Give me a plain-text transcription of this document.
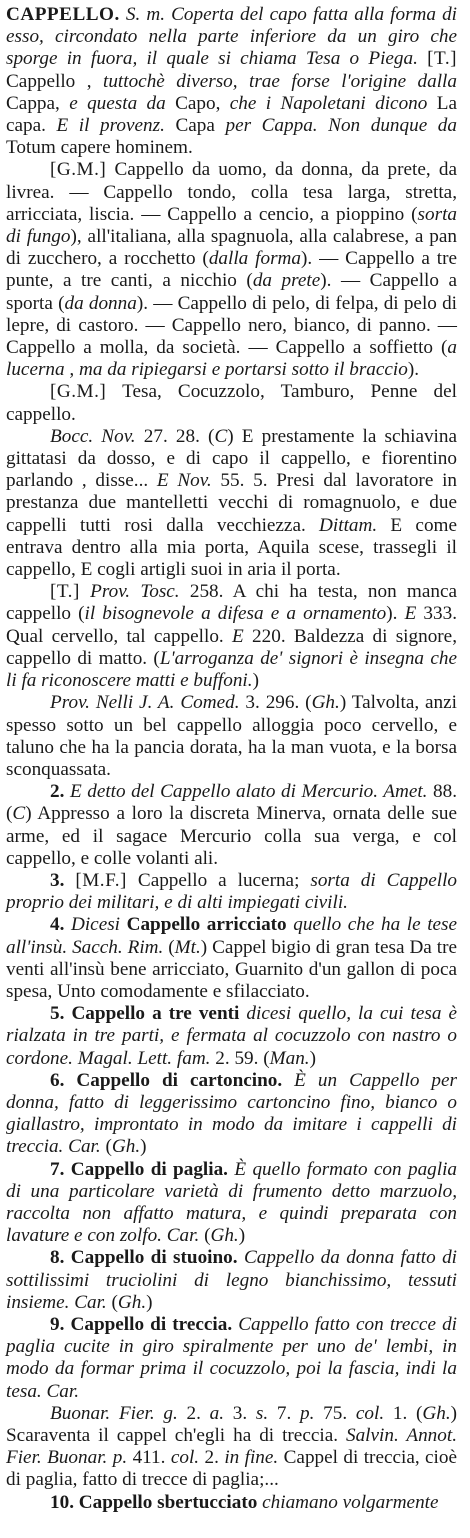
CAPPELLO. S. m. Coperta del capo fatta alla forma di esso, circondato nella parte inferiore da un giro che sporge in fuora, il quale si chiama Tesa o Piega. [T.] Cappello , tuttochè diverso, trae forse l'origine dalla Cappa, e questa da Capo, che i Napoletani dicono La capa. E il provenz. Capa per Cappa. Non dunque da Totum capere hominem.

[G.M.] Cappello da uomo, da donna, da prete, da livrea. — Cappello tondo, colla tesa larga, stretta, arricciata, liscia. — Cappello a cencio, a pioppino (sorta di fungo), all'italiana, alla spagnuola, alla calabrese, a pan di zucchero, a rocchetto (dalla forma). — Cappello a tre punte, a tre canti, a nicchio (da prete). — Cappello a sporta (da donna). — Cappello di pelo, di felpa, di pelo di lepre, di castoro. — Cappello nero, bianco, di panno. — Cappello a molla, da società. — Cappello a soffietto (a lucerna , ma da ripiegarsi e portarsi sotto il braccio).

[G.M.] Tesa, Cocuzzolo, Tamburo, Penne del cappello.

Bocc. Nov. 27. 28. (C) E prestamente la schiavina gittatasi da dosso, e di capo il cappello, e fiorentino parlando , disse... E Nov. 55. 5. Presi dal lavoratore in prestanza due mantelletti vecchi di romagnuolo, e due cappelli tutti rosi dalla vecchiezza. Dittam. E come entrava dentro alla mia porta, Aquila scese, trassegli il cappello, E cogli artigli suoi in aria il porta.

[T.] Prov. Tosc. 258. A chi ha testa, non manca cappello (il bisognevole a difesa e a ornamento). E 333. Qual cervello, tal cappello. E 220. Baldezza di signore, cappello di matto. (L'arroganza de' signori è insegna che li fa riconoscere matti e buffoni.)

Prov. Nelli J. A. Comed. 3. 296. (Gh.) Talvolta, anzi spesso sotto un bel cappello alloggia poco cervello, e taluno che ha la pancia dorata, ha la man vuota, e la borsa sconquassata.

2. E detto del Cappello alato di Mercurio. Amet. 88. (C) Appresso a loro la discreta Minerva, ornata delle sue arme, ed il sagace Mercurio colla sua verga, e col cappello, e colle volanti ali.

3. [M.F.] Cappello a lucerna; sorta di Cappello proprio dei militari, e di alti impiegati civili.

4. Dicesi Cappello arricciato quello che ha le tese all'insù. Sacch. Rim. (Mt.) Cappel bigio di gran tesa Da tre venti all'insù bene arricciato, Guarnito d'un gallon di poca spesa, Unto comodamente e sfilacciato.

5. Cappello a tre venti dicesi quello, la cui tesa è rialzata in tre parti, e fermata al cocuzzolo con nastro o cordone. Magal. Lett. fam. 2. 59. (Man.)

6. Cappello di cartoncino. È un Cappello per donna, fatto di leggerissimo cartoncino fino, bianco o giallastro, improntato in modo da imitare i cappelli di treccia. Car. (Gh.)

7. Cappello di paglia. È quello formato con paglia di una particolare varietà di frumento detto marzuolo, raccolta non affatto matura, e quindi preparata con lavature e con zolfo. Car. (Gh.)

8. Cappello di stuoino. Cappello da donna fatto di sottilissimi truciolini di legno bianchissimo, tessuti insieme. Car. (Gh.)

9. Cappello di treccia. Cappello fatto con trecce di paglia cucite in giro spiralmente per uno de' lembi, in modo da formar prima il cocuzzolo, poi la fascia, indi la tesa. Car.

Buonar. Fier. g. 2. a. 3. s. 7. p. 75. col. 1. (Gh.) Scaraventa il cappel ch'egli ha di treccia. Salvin. Annot. Fier. Buonar. p. 411. col. 2. in fine. Cappel di treccia, cioè di paglia, fatto di trecce di paglia;...

10. Cappello sbertucciato chiamano volgarmente
